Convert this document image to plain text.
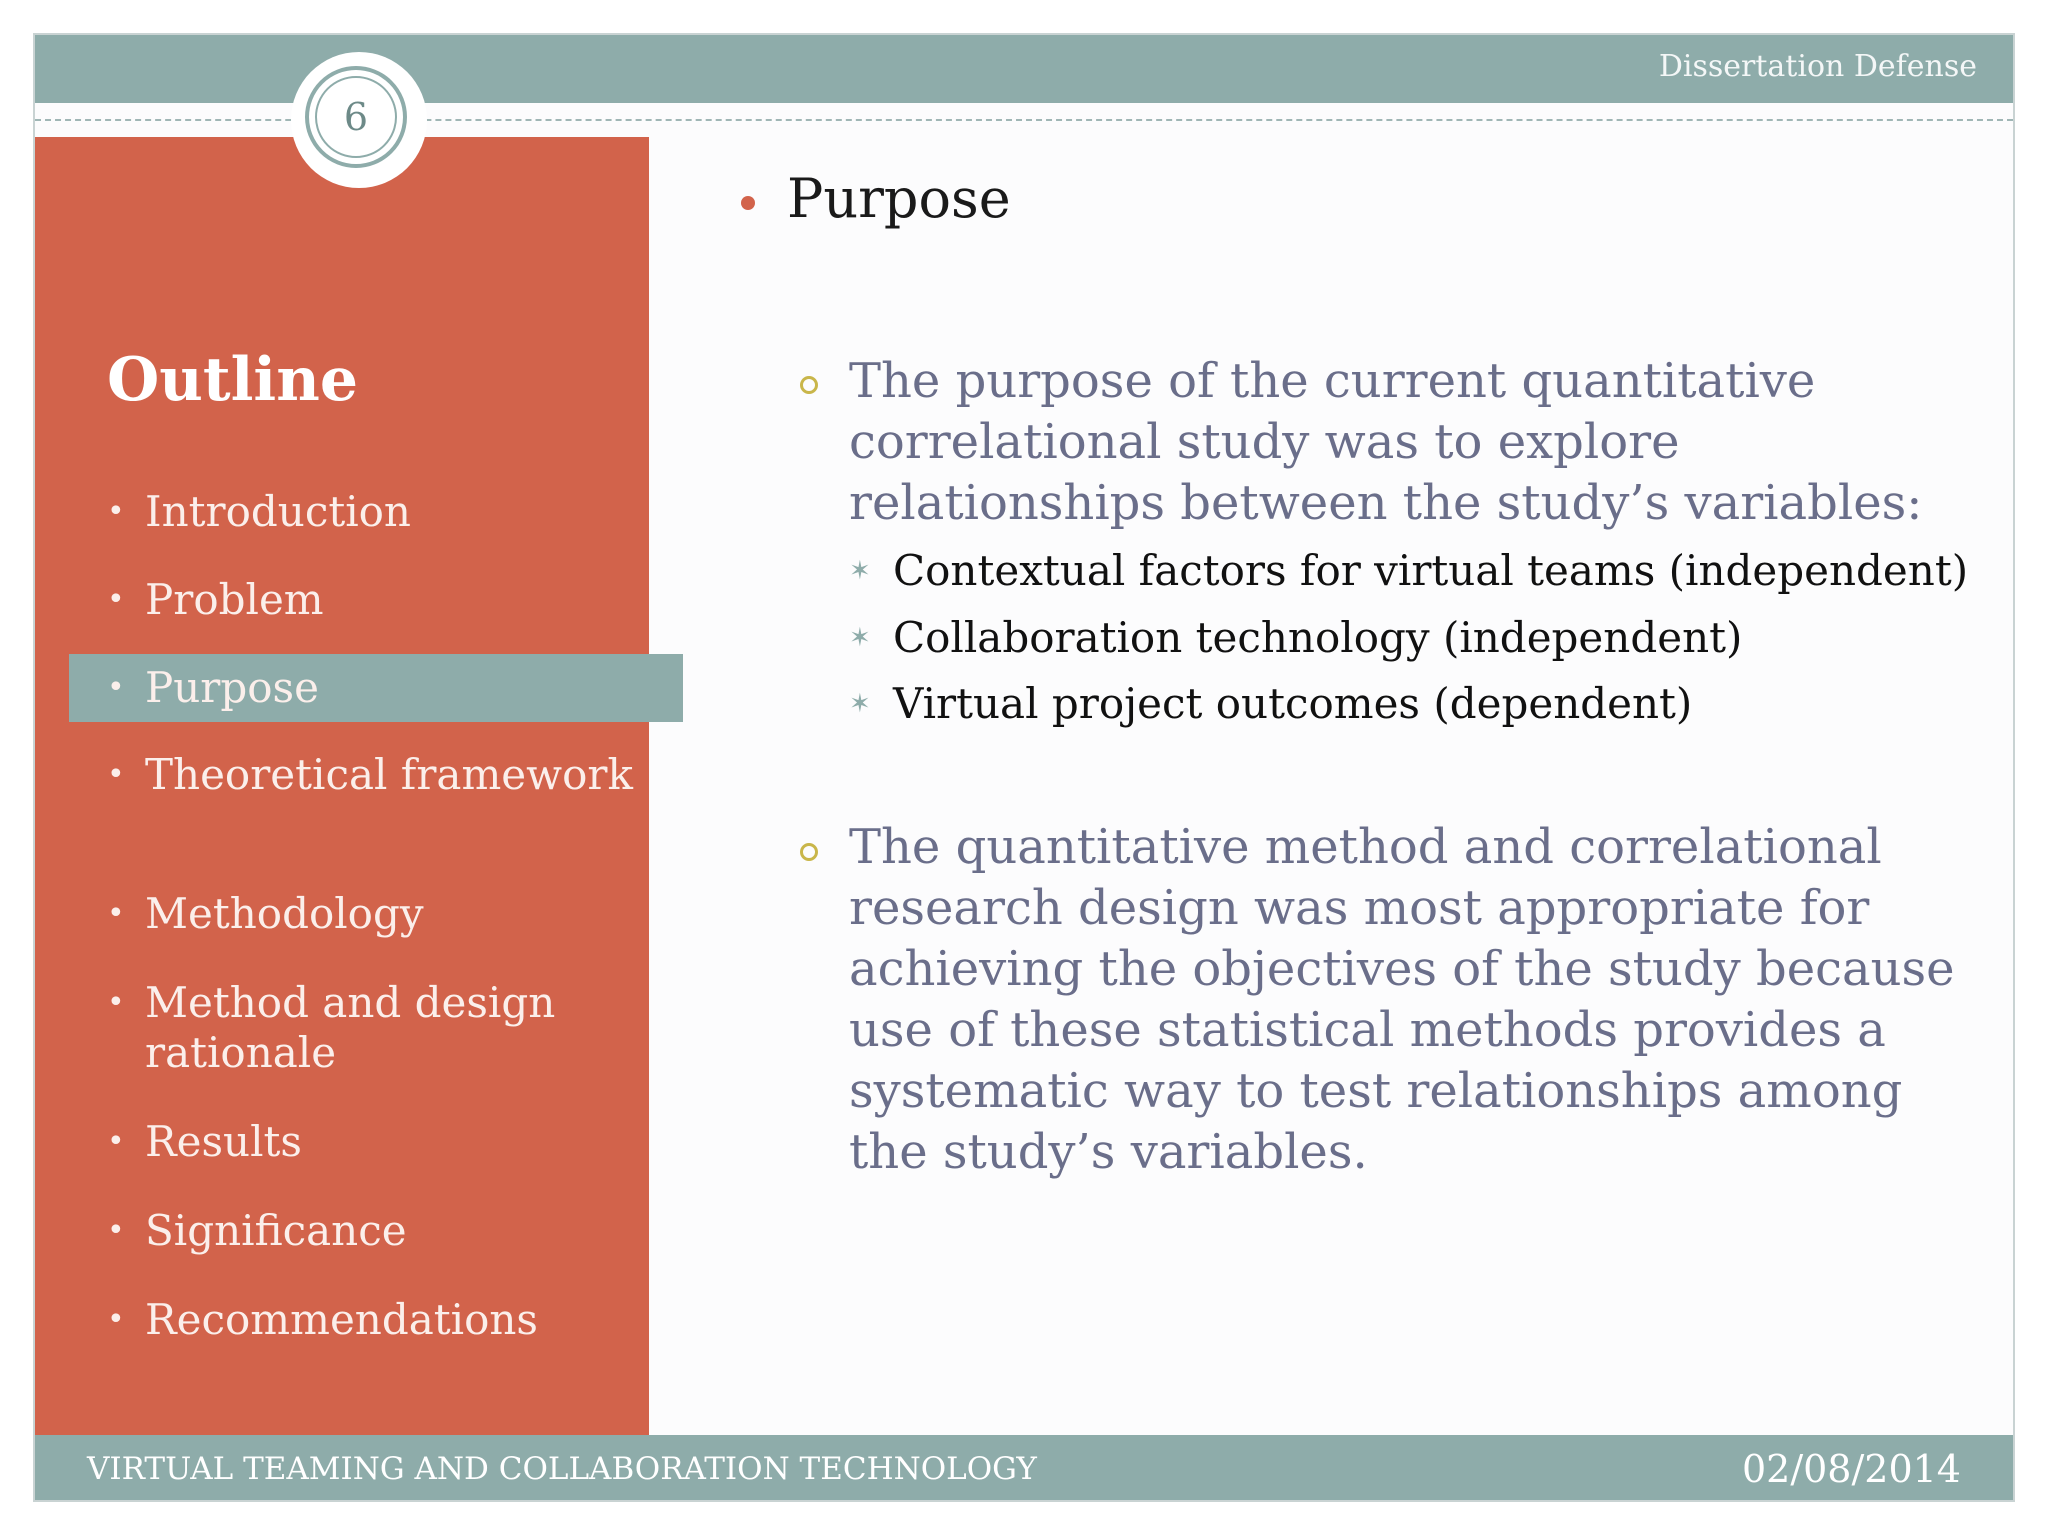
Dissertation Defense
6
Outline
• Introduction
• Problem
• Purpose
• Theoretical framework
• Methodology
• Method and design rationale
• Results
• Significance
• Recommendations
Purpose
The purpose of the current quantitative correlational study was to explore relationships between the study’s variables:
✶ Contextual factors for virtual teams (independent)
✶ Collaboration technology (independent)
✶ Virtual project outcomes (dependent)
The quantitative method and correlational research design was most appropriate for achieving the objectives of the study because use of these statistical methods provides a systematic way to test relationships among the study’s variables.
VIRTUAL TEAMING AND COLLABORATION TECHNOLOGY	02/08/2014
